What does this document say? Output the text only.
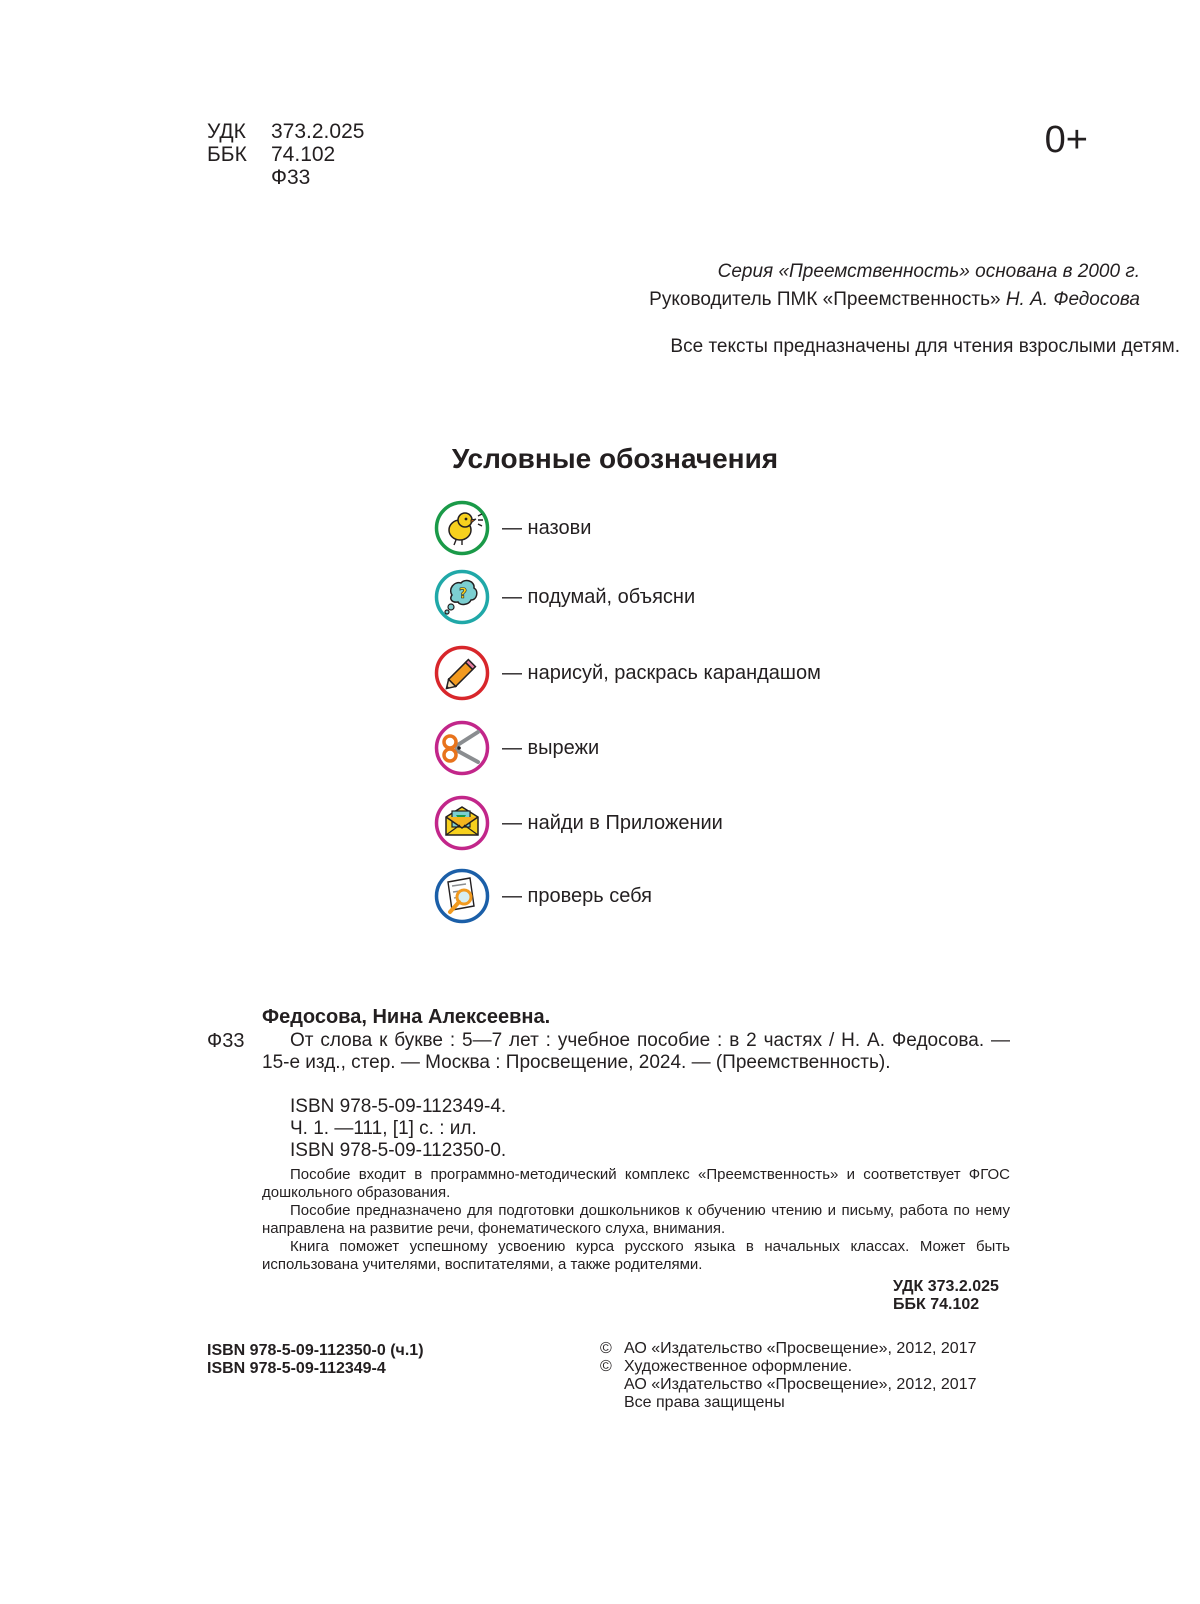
УДК	373.2.025
ББК	74.102
Ф33
0+
Серия «Преемственность» основана в 2000 г.
Руководитель ПМК «Преемственность» Н. А. Федосова
Все тексты предназначены для чтения взрослыми детям.
Условные обозначения
— назови
? — подумай, объясни
— нарисуй, раскрась карандашом
— вырежи
— найди в Приложении
— проверь себя
Федосова, Нина Алексеевна.
Ф33	От слова к букве : 5—7 лет : учебное пособие : в 2 частях / Н. А. Федосова. — 15-е изд., стер. — Москва : Просвещение, 2024. — (Преемственность).
ISBN 978-5-09-112349-4.
Ч. 1. —111, [1] с. : ил.
ISBN 978-5-09-112350-0.
Пособие входит в программно-методический комплекс «Преемственность» и соответствует ФГОС дошкольного образования.
Пособие предназначено для подготовки дошкольников к обучению чтению и письму, работа по нему направлена на развитие речи, фонематического слуха, внимания.
Книга поможет успешному усвоению курса русского языка в начальных классах. Может быть использована учителями, воспитателями, а также родителями.
УДК 373.2.025
ББК 74.102
ISBN 978-5-09-112350-0 (ч.1)
ISBN 978-5-09-112349-4
© АО «Издательство «Просвещение», 2012, 2017
© Художественное оформление.
АО «Издательство «Просвещение», 2012, 2017
Все права защищены
